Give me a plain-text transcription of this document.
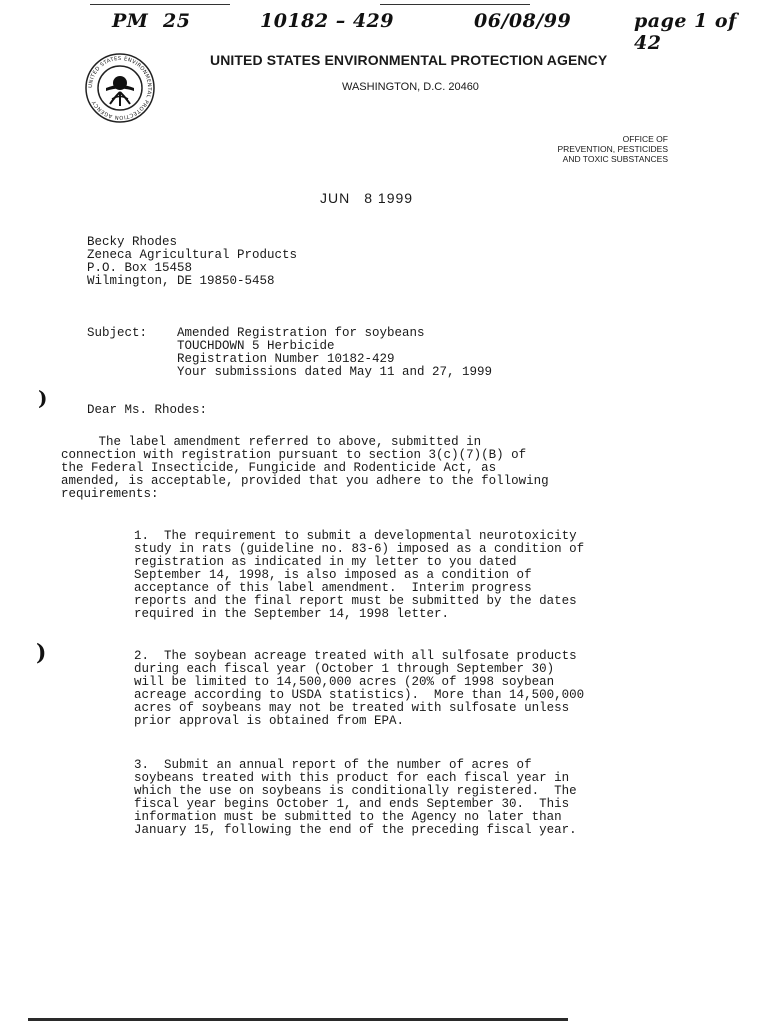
PM 25	10182 – 429	06/08/99	page 1 of 42
UNITED STATES ENVIRONMENTAL PROTECTION AGENCY
UNITED STATES ENVIRONMENTAL PROTECTION AGENCY
WASHINGTON, D.C. 20460
OFFICE OF
PREVENTION, PESTICIDES
AND TOXIC SUBSTANCES
JUN 8 1999
Becky Rhodes
Zeneca Agricultural Products
P.O. Box 15458
Wilmington, DE 19850-5458
Subject:	Amended Registration for soybeans
TOUCHDOWN 5 Herbicide
Registration Number 10182-429
Your submissions dated May 11 and 27, 1999
Dear Ms. Rhodes:
The label amendment referred to above, submitted in
connection with registration pursuant to section 3(c)(7)(B) of
the Federal Insecticide, Fungicide and Rodenticide Act, as
amended, is acceptable, provided that you adhere to the following
requirements:
1.  The requirement to submit a developmental neurotoxicity
study in rats (guideline no. 83-6) imposed as a condition of
registration as indicated in my letter to you dated
September 14, 1998, is also imposed as a condition of
acceptance of this label amendment.  Interim progress
reports and the final report must be submitted by the dates
required in the September 14, 1998 letter.
2.  The soybean acreage treated with all sulfosate products
during each fiscal year (October 1 through September 30)
will be limited to 14,500,000 acres (20% of 1998 soybean
acreage according to USDA statistics).  More than 14,500,000
acres of soybeans may not be treated with sulfosate unless
prior approval is obtained from EPA.
3.  Submit an annual report of the number of acres of
soybeans treated with this product for each fiscal year in
which the use on soybeans is conditionally registered.  The
fiscal year begins October 1, and ends September 30.  This
information must be submitted to the Agency no later than
January 15, following the end of the preceding fiscal year.
)
)
